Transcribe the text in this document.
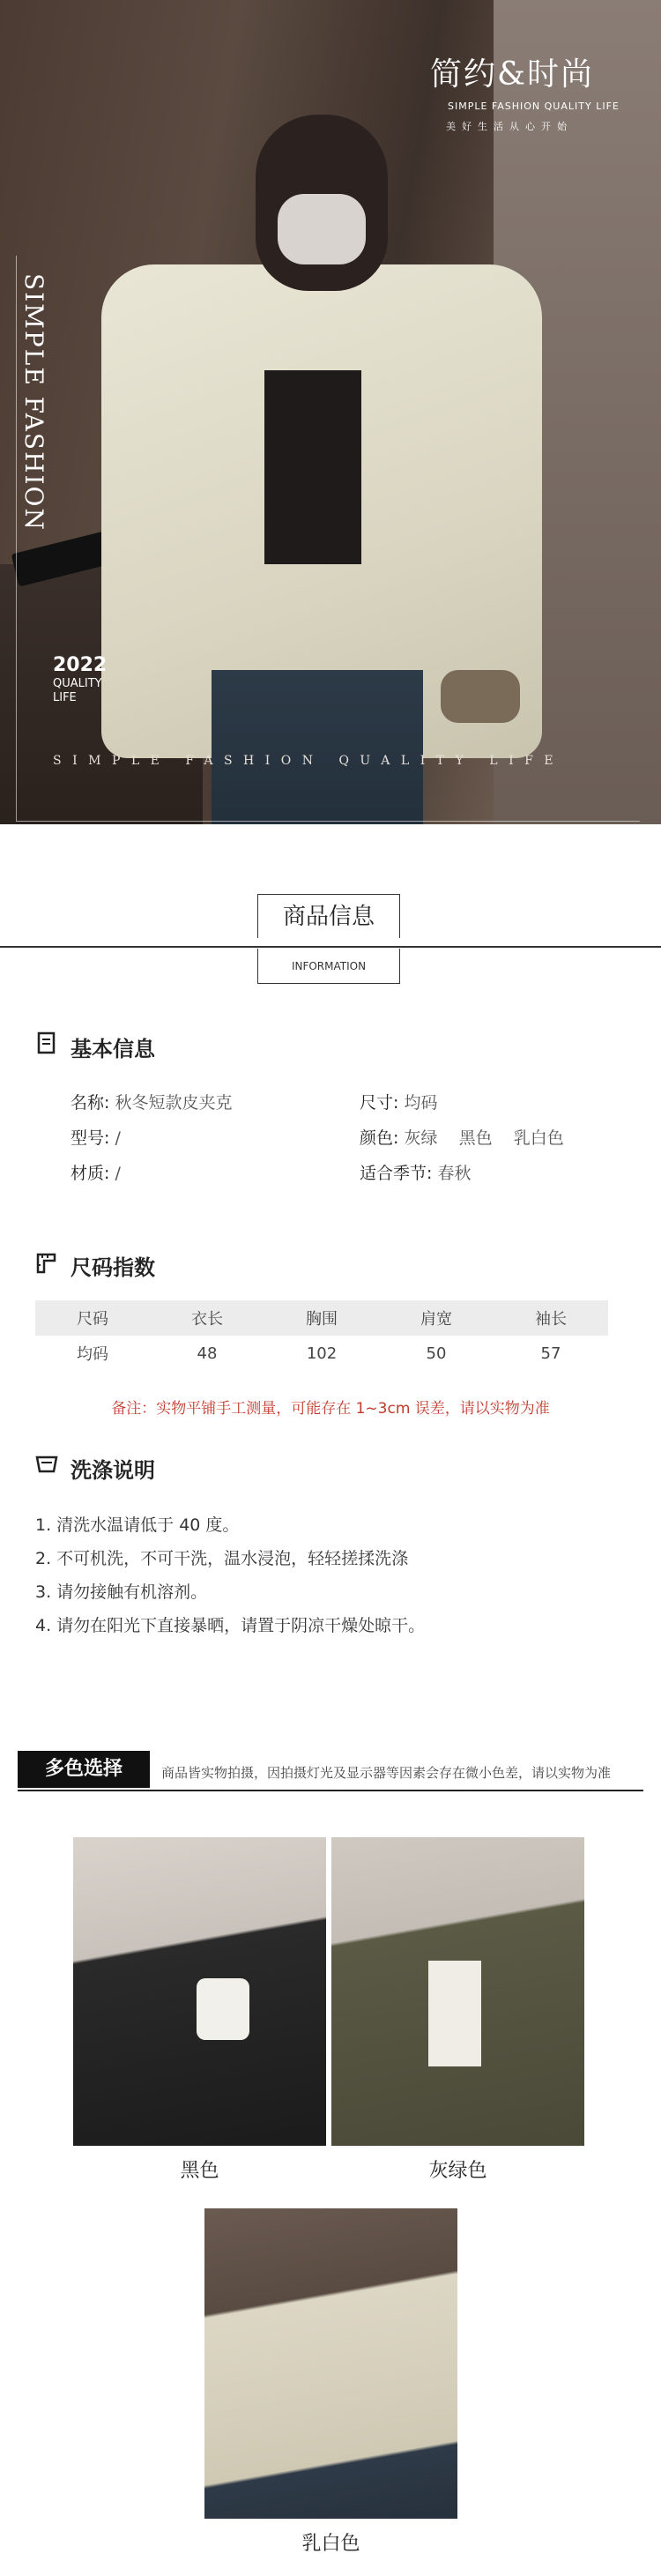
简约&时尚
SIMPLE FASHION QUALITY LIFE
美好生活从心开始
SIMPLE FASHION
2022
QUALITY
LIFE
SIMPLE FASHION QUALITY LIFE
商品信息
INFORMATION
基本信息
名称: 秋冬短款皮夹克
型号: /
材质: /
尺寸: 均码
颜色: 灰绿    黑色    乳白色
适合季节: 春秋
尺码指数
尺码	衣长	胸围	肩宽	袖长
均码	48	102	50	57
备注：实物平铺手工测量，可能存在 1~3cm 误差，请以实物为准
洗涤说明
1. 清洗水温请低于 40 度。
2. 不可机洗，不可干洗，温水浸泡，轻轻搓揉洗涤
3. 请勿接触有机溶剂。
4. 请勿在阳光下直接暴晒，请置于阴凉干燥处晾干。
多色选择	商品皆实物拍摄，因拍摄灯光及显示器等因素会存在微小色差，请以实物为准
黑色	灰绿色
乳白色
